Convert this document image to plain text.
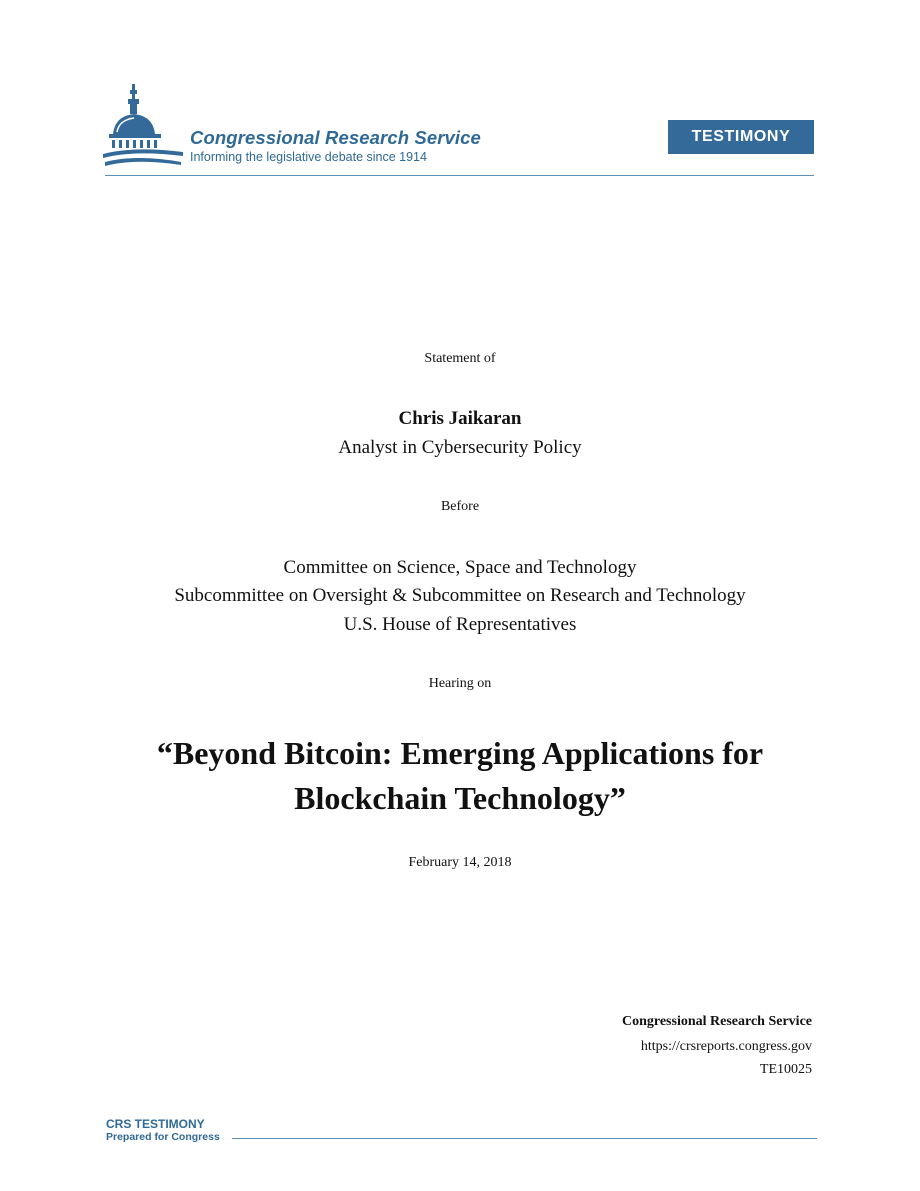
Congressional Research Service
Informing the legislative debate since 1914
TESTIMONY
Statement of
Chris Jaikaran
Analyst in Cybersecurity Policy
Before
Committee on Science, Space and Technology
Subcommittee on Oversight & Subcommittee on Research and Technology
U.S. House of Representatives
Hearing on
“Beyond Bitcoin: Emerging Applications for
Blockchain Technology”
February 14, 2018
Congressional Research Service
https://crsreports.congress.gov
TE10025
CRS TESTIMONY
Prepared for Congress
